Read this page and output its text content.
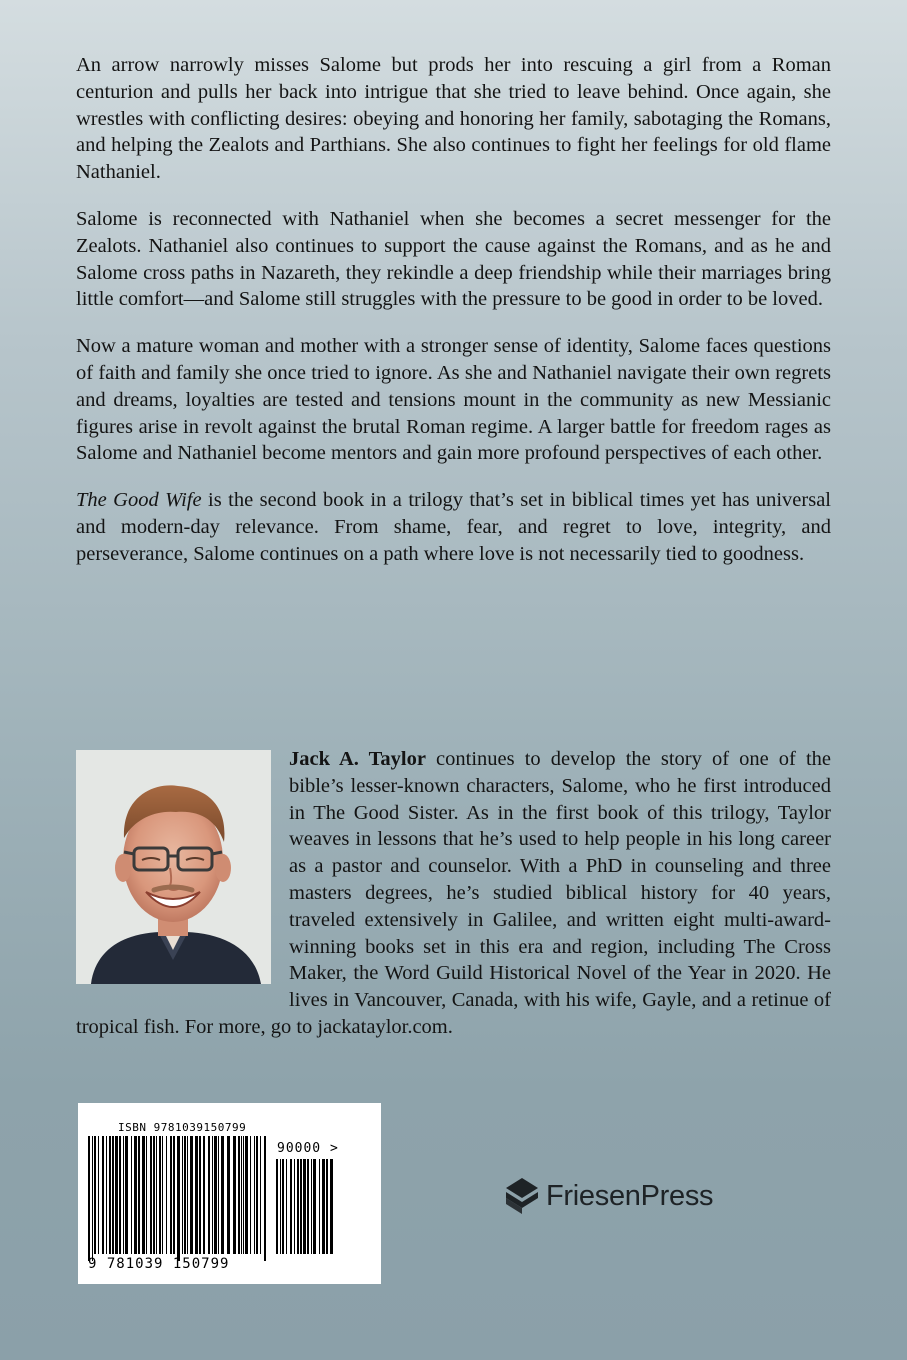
An arrow narrowly misses Salome but prods her into rescuing a girl from a Roman centurion and pulls her back into intrigue that she tried to leave behind. Once again, she wrestles with conflicting desires: obeying and honoring her family, sabotaging the Romans, and helping the Zealots and Parthians. She also continues to fight her feelings for old flame Nathaniel.

Salome is reconnected with Nathaniel when she becomes a secret messenger for the Zealots. Nathaniel also continues to support the cause against the Romans, and as he and Salome cross paths in Nazareth, they rekindle a deep friendship while their marriages bring little comfort—and Salome still struggles with the pressure to be good in order to be loved.

Now a mature woman and mother with a stronger sense of identity, Salome faces questions of faith and family she once tried to ignore. As she and Nathaniel navigate their own regrets and dreams, loyalties are tested and tensions mount in the community as new Messianic figures arise in revolt against the brutal Roman regime. A larger battle for freedom rages as Salome and Nathaniel become mentors and gain more profound perspectives of each other.

The Good Wife is the second book in a trilogy that’s set in biblical times yet has universal and modern-day relevance. From shame, fear, and regret to love, integrity, and perseverance, Salome continues on a path where love is not necessarily tied to goodness.

Jack A. Taylor continues to develop the story of one of the bible’s lesser-known characters, Salome, who he first introduced in The Good Sister. As in the first book of this trilogy, Taylor weaves in lessons that he’s used to help people in his long career as a pastor and counselor. With a PhD in counseling and three masters degrees, he’s studied biblical history for 40 years, traveled extensively in Galilee, and written eight multi-award-winning books set in this era and region, including The Cross Maker, the Word Guild Historical Novel of the Year in 2020. He lives in Vancouver, Canada, with his wife, Gayle, and a retinue of tropical fish. For more, go to jackataylor.com.
ISBN 9781039150799
90000 >
9 781039 150799
FriesenPress
